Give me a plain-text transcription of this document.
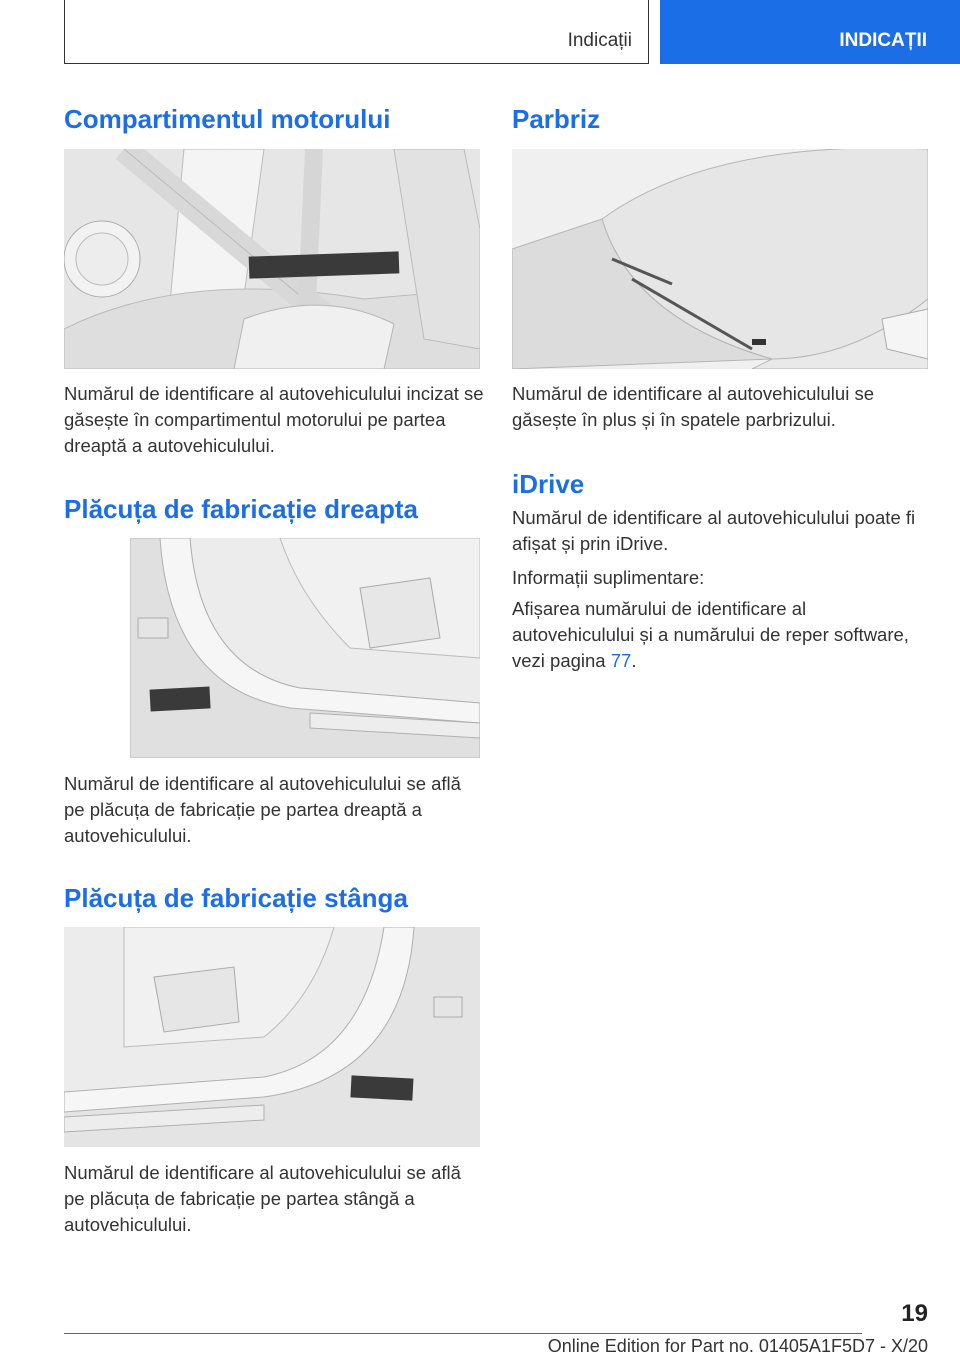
Indicații	INDICAȚII
Compartimentul motorului

Numărul de identificare al autovehiculului incizat se găsește în compartimentul motorului pe partea dreaptă a autovehiculului.

Plăcuța de fabricație dreapta

Numărul de identificare al autovehiculului se află pe plăcuța de fabricație pe partea dreaptă a autovehiculului.

Plăcuța de fabricație stânga

Numărul de identificare al autovehiculului se află pe plăcuța de fabricație pe partea stângă a autovehiculului.

Parbriz

Numărul de identificare al autovehiculului se găsește în plus și în spatele parbrizului.

iDrive

Numărul de identificare al autovehiculului poate fi afișat și prin iDrive.

Informații suplimentare:

Afișarea numărului de identificare al autovehiculului și a numărului de reper software, vezi pagina 77.

19
Online Edition for Part no. 01405A1F5D7 - X/20
